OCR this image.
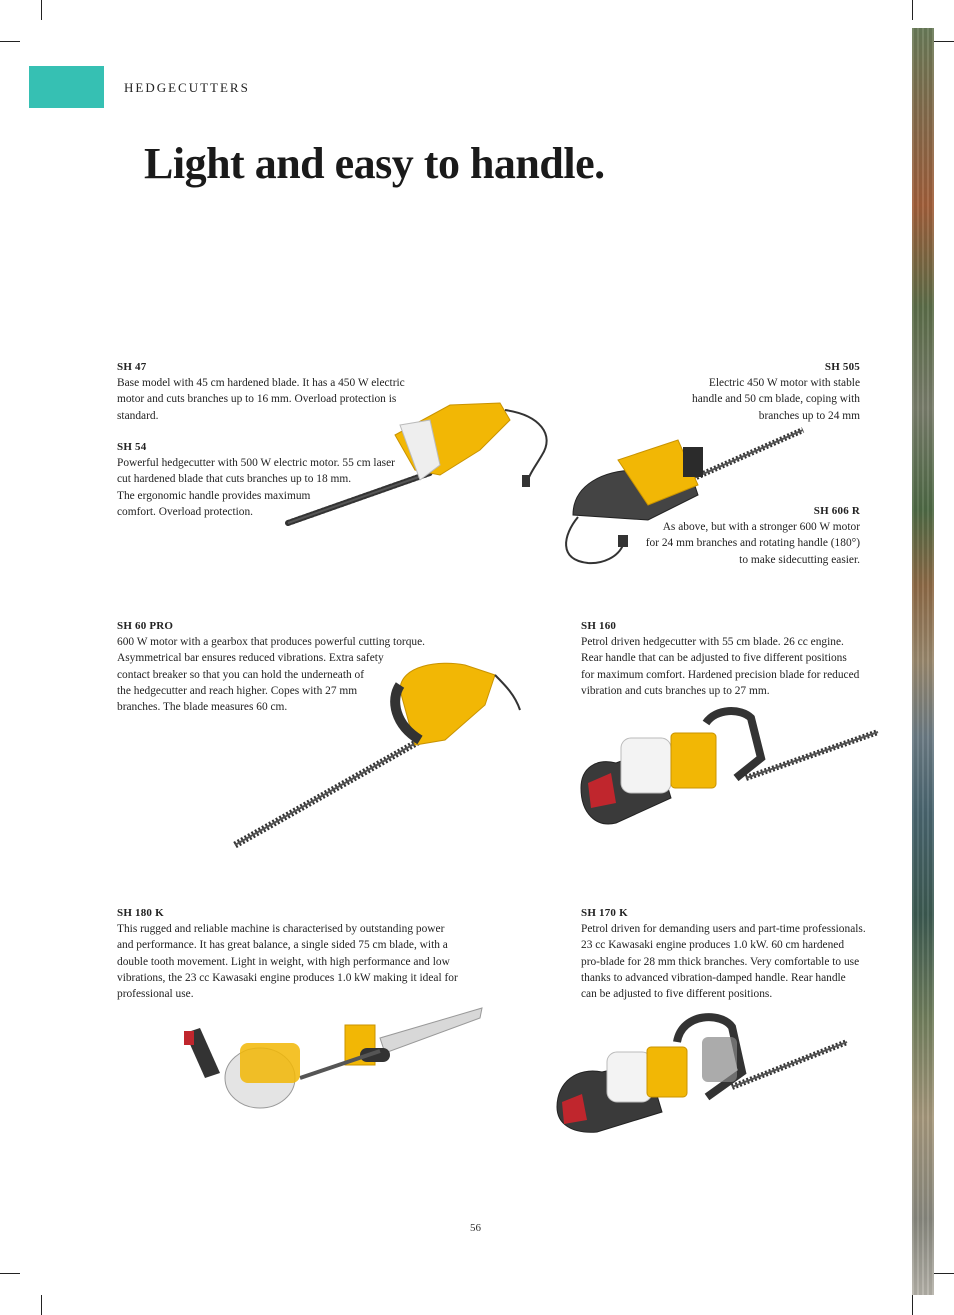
HEDGECUTTERS
Light and easy to handle.
SH 47
Base model with 45 cm hardened blade. It has a 450 W electric
motor and cuts branches up to 16 mm. Overload protection is
standard.
SH 54
Powerful hedgecutter with 500 W electric motor. 55 cm laser
cut hardened blade that cuts branches up to 18 mm.
The ergonomic handle provides maximum
comfort. Overload protection.
SH 505
Electric 450 W motor with stable
handle and 50 cm blade, coping with
branches up to 24 mm
SH 606 R
As above, but with a stronger 600 W motor
for 24 mm branches and rotating handle (180°)
to make sidecutting easier.
SH 60 PRO
600 W motor with a gearbox that produces powerful cutting torque.
Asymmetrical bar ensures reduced vibrations. Extra safety
contact breaker so that you can hold the underneath of
the hedgecutter and reach higher. Copes with 27 mm
branches. The blade measures 60 cm.
SH 160
Petrol driven hedgecutter with 55 cm blade. 26 cc engine.
Rear handle that can be adjusted to five different positions
for maximum comfort. Hardened precision blade for reduced
vibration and cuts branches up to 27 mm.
SH 180 K
This rugged and reliable machine is characterised by outstanding power
and performance. It has great balance, a single sided 75 cm blade, with a
double tooth movement. Light in weight, with high performance and low
vibrations, the 23 cc Kawasaki engine produces 1.0 kW making it ideal for
professional use.
SH 170 K
Petrol driven for demanding users and part-time professionals.
23 cc Kawasaki engine produces 1.0 kW. 60 cm hardened
pro-blade for 28 mm thick branches. Very comfortable to use
thanks to advanced vibration-damped handle. Rear handle
can be adjusted to five different positions.
56
